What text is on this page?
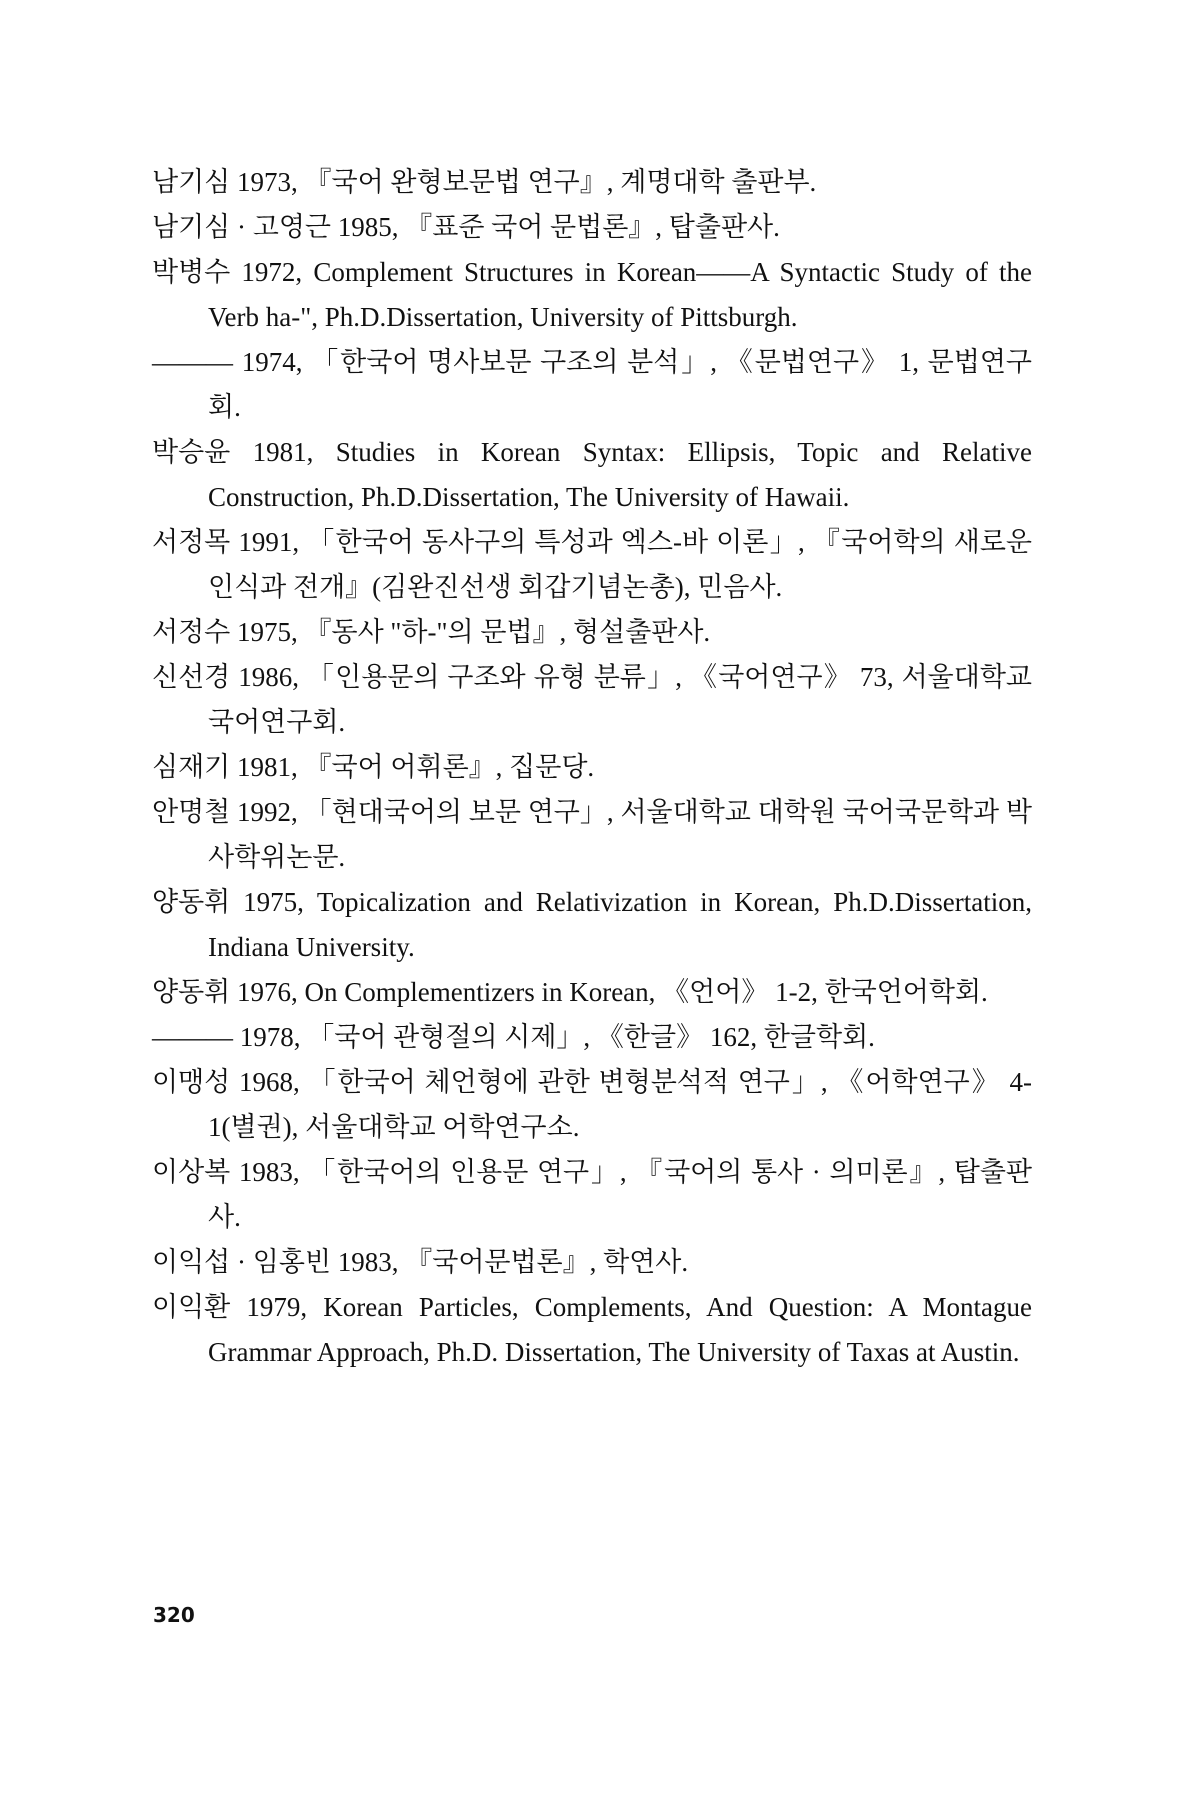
남기심 1973, 『국어 완형보문법 연구』, 계명대학 출판부.

남기심 · 고영근 1985, 『표준 국어 문법론』, 탑출판사.

박병수 1972, Complement Structures in Korean——A Syntactic Study of the Verb ha-", Ph.D.Dissertation, University of Pittsburgh.

——— 1974, 「한국어 명사보문 구조의 분석」, 《문법연구》 1, 문법연구회.

박승윤 1981, Studies in Korean Syntax: Ellipsis, Topic and Relative Construction, Ph.D.Dissertation, The University of Hawaii.

서정목 1991, 「한국어 동사구의 특성과 엑스-바 이론」, 『국어학의 새로운 인식과 전개』(김완진선생 회갑기념논총), 민음사.

서정수 1975, 『동사 "하-"의 문법』, 형설출판사.

신선경 1986, 「인용문의 구조와 유형 분류」, 《국어연구》 73, 서울대학교 국어연구회.

심재기 1981, 『국어 어휘론』, 집문당.

안명철 1992, 「현대국어의 보문 연구」, 서울대학교 대학원 국어국문학과 박사학위논문.

양동휘 1975, Topicalization and Relativization in Korean, Ph.D.Dissertation, Indiana University.

양동휘 1976, On Complementizers in Korean, 《언어》 1-2, 한국언어학회.

——— 1978, 「국어 관형절의 시제」, 《한글》 162, 한글학회.

이맹성 1968, 「한국어 체언형에 관한 변형분석적 연구」, 《어학연구》 4-1(별권), 서울대학교 어학연구소.

이상복 1983, 「한국어의 인용문 연구」, 『국어의 통사 · 의미론』, 탑출판사.

이익섭 · 임홍빈 1983, 『국어문법론』, 학연사.

이익환 1979, Korean Particles, Complements, And Question: A Montague Grammar Approach, Ph.D. Dissertation, The University of Taxas at Austin.

320
